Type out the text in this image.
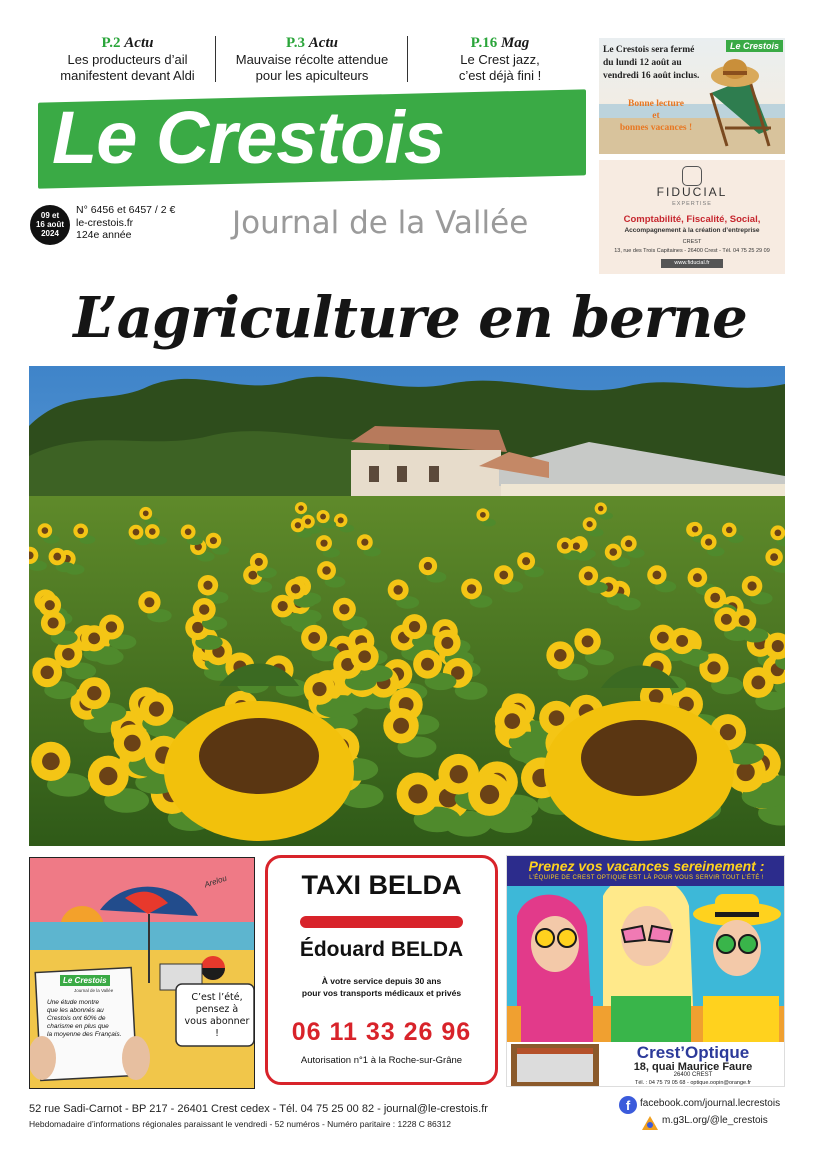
P.2 Actu
Les producteurs d’ail
manifestent devant Aldi
P.3 Actu
Mauvaise récolte attendue
pour les apiculteurs
P.16 Mag
Le Crest jazz,
c’est déjà fini !
Le Crestois
Journal de la Vallée
09 et
16 août
2024
N° 6456 et 6457 / 2 €
le-crestois.fr
124e année
Le Crestois
Le Crestois sera fermé
du lundi 12 août au
vendredi 16 août inclus.
Bonne lecture
et
bonnes vacances !
FIDUCIAL
EXPERTISE
Comptabilité, Fiscalité, Social,
Accompagnement à la création d’entreprise
CREST
13, rue des Trois Capitaines - 26400 Crest - Tél. 04 75 25 29 09
www.fiducial.fr
L’agriculture en berne
Arelou
Le Crestois
Journal de la Vallée
Une étude montre
que les abonnés au
Crestois ont 60% de
charisme en plus que
la moyenne des Français.
C’est l’été,
pensez à
vous abonner !
TAXI BELDA
Édouard BELDA
À votre service depuis 30 ans
pour vos transports médicaux et privés
06 11 33 26 96
Autorisation n°1 à la Roche-sur-Grâne
Prenez vos vacances sereinement :
L’ÉQUIPE DE CREST OPTIQUE EST LÀ POUR VOUS SERVIR TOUT L’ÉTÉ !
Crest’Optique
18, quai Maurice Faure
26400 CREST
Tél. : 04 75 79 05 68 - optique.oopin@orange.fr
52 rue Sadi-Carnot - BP 217 - 26401 Crest cedex - Tél. 04 75 25 00 82 - journal@le-crestois.fr
Hebdomadaire d’informations régionales paraissant le vendredi - 52 numéros - Numéro paritaire : 1228 C 86312
f facebook.com/journal.lecrestois
m.g3L.org/@le_crestois
